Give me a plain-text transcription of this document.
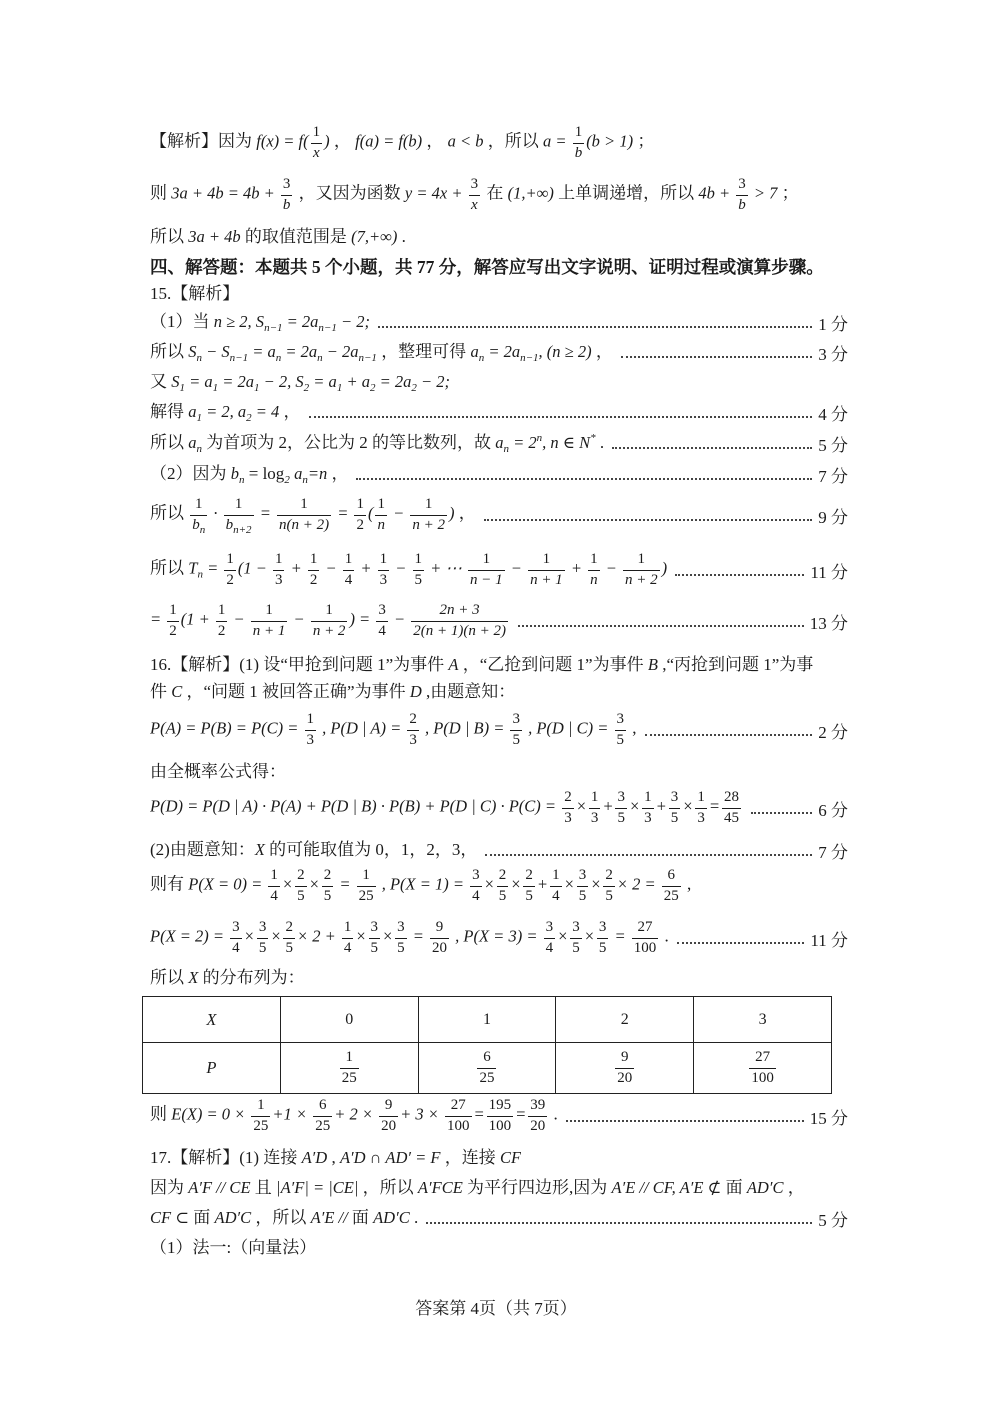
【解析】因为 $f(x) = f( \frac{1}{x}$ ) ， f(a) = f(b) ， a < b ，所以 $a = \frac{1}{b} (b > 1)$ ；
则 $3a + 4b = 4b + \frac{3}{b}$ ，又因为函数 $y = 4x + \frac{3}{x}$ 在 (1,+∞) 上单调递增，所以 $4b + \frac{3}{b} > 7$ ；
所以 3a + 4b 的取值范围是 (7,+∞) .
四、解答题：本题共 5 个小题，共 77 分，解答应写出文字说明、证明过程或演算步骤。
15.【解析】
（1）当 n ≥ 2, $S_{n-1} = 2a_{n-1} - 2$;	1 分
所以 $S_n - S_{n-1} = a_n = 2a_n - 2a_{n-1}$ ，整理可得 $a_n = 2a_{n-1}$, (n ≥ 2) ，	3 分
又 $S_1 = a_1 = 2a_1 - 2$, $S_2 = a_1 + a_2 = 2a_2 - 2$;
解得 $a_1 = 2$, $a_2 = 4$ ，	4 分
所以 $a_n$ 为首项为 2，公比为 2 的等比数列，故 $a_n = 2^n$, n ∈ N* .	5 分
（2）因为 $b_n = \log_2 a_n=n$ ，	7 分
所以 $\frac{1}{b_n} \cdot \frac{1}{b_{n+2}} = \frac{1}{n(n + 2)} = \frac{1}{2}$ ( $\frac{1}{n} - \frac{1}{n + 2}$ ) ，	9 分
所以 $T_n = \frac{1}{2} (1 - \frac{1}{3} + \frac{1}{2} - \frac{1}{4} + \frac{1}{3} - \frac{1}{5}$ + ⋯ $\frac{1}{n - 1} - \frac{1}{n + 1} + \frac{1}{n} - \frac{1}{n + 2}$ )	11 分
= $\frac{1}{2} (1 + \frac{1}{2} - \frac{1}{n + 1} - \frac{1}{n + 2}$ ) = $\frac{3}{4} - \frac{2n + 3}{2(n + 1)(n + 2)}$	13 分
16.【解析】(1) 设“甲抢到问题 1”为事件 A ，“乙抢到问题 1”为事件 B ,“丙抢到问题 1”为事
件 C ，“问题 1 被回答正确”为事件 D ,由题意知：
$P(A) = P(B) = P(C) = \frac{1}{3}$ , P(D | $A) = \frac{2}{3}$ , P(D | $B) = \frac{3}{5}$ , P(D | $C) = \frac{3}{5}$ ,	2 分
由全概率公式得：
P(D) = P(D | A) · P(A) + P(D | B) · P(B) + P(D | $C) \cdot P(C) = \frac{2}{3} \times \frac{1}{3} + \frac{3}{5} \times \frac{1}{3} + \frac{3}{5} \times \frac{1}{3} = \frac{28}{45}$	6 分
(2)由题意知：X 的可能取值为 0，1，2，3，	7 分
则有 $P(X = 0) = \frac{1}{4} \times \frac{2}{5} \times \frac{2}{5} = \frac{1}{25}$ , $P(X = 1) = \frac{3}{4} \times \frac{2}{5} \times \frac{2}{5} + \frac{1}{4} \times \frac{3}{5} \times \frac{2}{5} \times 2 = \frac{6}{25}$ ,
$P(X = 2) = \frac{3}{4} \times \frac{3}{5} \times \frac{2}{5} \times 2 + \frac{1}{4} \times \frac{3}{5} \times \frac{3}{5} = \frac{9}{20}$ , $P(X = 3) = \frac{3}{4} \times \frac{3}{5} \times \frac{3}{5} = \frac{27}{100}$ .	11 分
所以 X 的分布列为：
X	0	1	2	3
P	$\frac{1}{25}$	$\frac{6}{25}$	$\frac{9}{20}$	$\frac{27}{100}$
则 $E(X) = 0 \times \frac{1}{25} +1 \times \frac{6}{25} + 2 \times \frac{9}{20} + 3 \times \frac{27}{100} = \frac{195}{100} = \frac{39}{20}$ .	15 分
17.【解析】(1) 连接 A′D , A′D ∩ AD′ = F ，连接 CF
因为 A′F // CE 且 |A′F| = |CE| ，所以 A′FCE 为平行四边形,因为 A′E // CF, A′E ⊄ 面 AD′C ，
CF ⊂ 面 AD′C ，所以 A′E // 面 AD′C .	5 分
（1）法一:（向量法）
答案第 4页（共 7页）
